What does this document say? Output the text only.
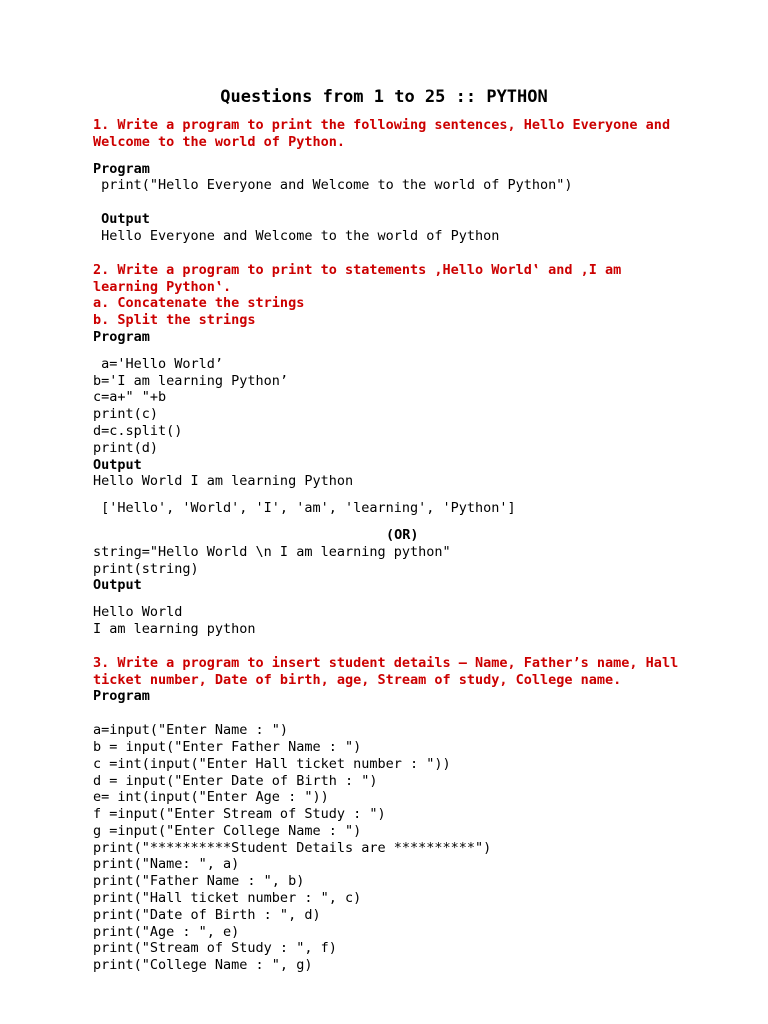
Questions from 1 to 25 :: PYTHON
1. Write a program to print the following sentences, Hello Everyone and
Welcome to the world of Python.
Program
print("Hello Everyone and Welcome to the world of Python")
Output
Hello Everyone and Welcome to the world of Python
2. Write a program to print to statements ‚Hello World‛ and ‚I am
learning Python‛.
a. Concatenate the strings
b. Split the strings
Program
a='Hello World’
b='I am learning Python’
c=a+" "+b
print(c)
d=c.split()
print(d)
Output
Hello World I am learning Python
['Hello', 'World', 'I', 'am', 'learning', 'Python']
(OR)
string="Hello World \n I am learning python"
print(string)
Output
Hello World
I am learning python
3. Write a program to insert student details – Name, Father’s name, Hall
ticket number, Date of birth, age, Stream of study, College name.
Program
a=input("Enter Name : ")
b = input("Enter Father Name : ")
c =int(input("Enter Hall ticket number : "))
d = input("Enter Date of Birth : ")
e= int(input("Enter Age : "))
f =input("Enter Stream of Study : ")
g =input("Enter College Name : ")
print("**********Student Details are **********")
print("Name: ", a)
print("Father Name : ", b)
print("Hall ticket number : ", c)
print("Date of Birth : ", d)
print("Age : ", e)
print("Stream of Study : ", f)
print("College Name : ", g)
